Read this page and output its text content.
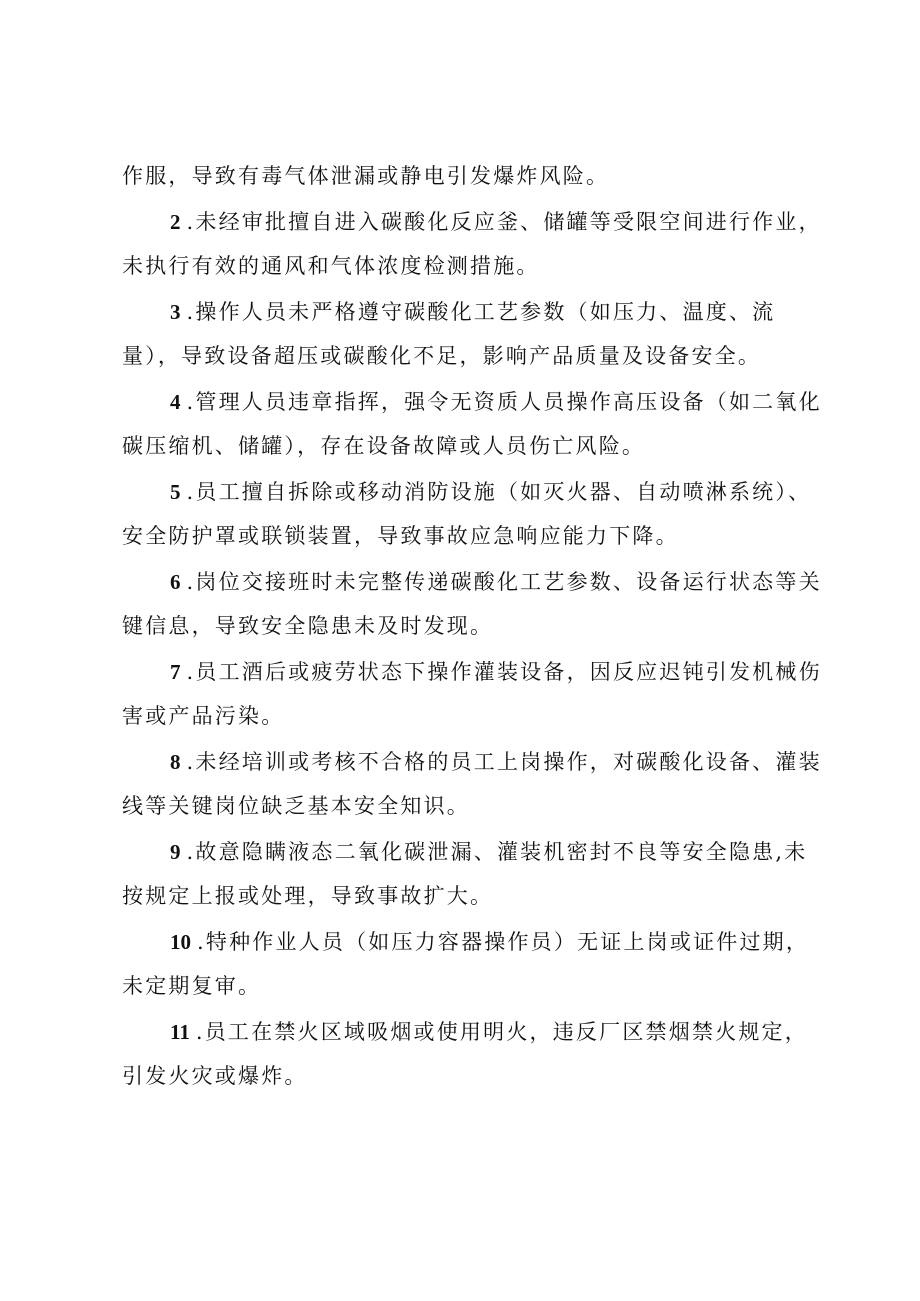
作服，导致有毒气体泄漏或静电引发爆炸风险。
2 .未经审批擅自进入碳酸化反应釜、储罐等受限空间进行作业，未执行有效的通风和气体浓度检测措施。
3 .操作人员未严格遵守碳酸化工艺参数（如压力、温度、流量），导致设备超压或碳酸化不足，影响产品质量及设备安全。
4 .管理人员违章指挥，强令无资质人员操作高压设备（如二氧化碳压缩机、储罐），存在设备故障或人员伤亡风险。
5 .员工擅自拆除或移动消防设施（如灭火器、自动喷淋系统）、安全防护罩或联锁装置，导致事故应急响应能力下降。
6 .岗位交接班时未完整传递碳酸化工艺参数、设备运行状态等关键信息，导致安全隐患未及时发现。
7 .员工酒后或疲劳状态下操作灌装设备，因反应迟钝引发机械伤害或产品污染。
8 .未经培训或考核不合格的员工上岗操作，对碳酸化设备、灌装线等关键岗位缺乏基本安全知识。
9 .故意隐瞒液态二氧化碳泄漏、灌装机密封不良等安全隐患,未按规定上报或处理，导致事故扩大。
10 .特种作业人员（如压力容器操作员）无证上岗或证件过期，未定期复审。
11 .员工在禁火区域吸烟或使用明火，违反厂区禁烟禁火规定，引发火灾或爆炸。
